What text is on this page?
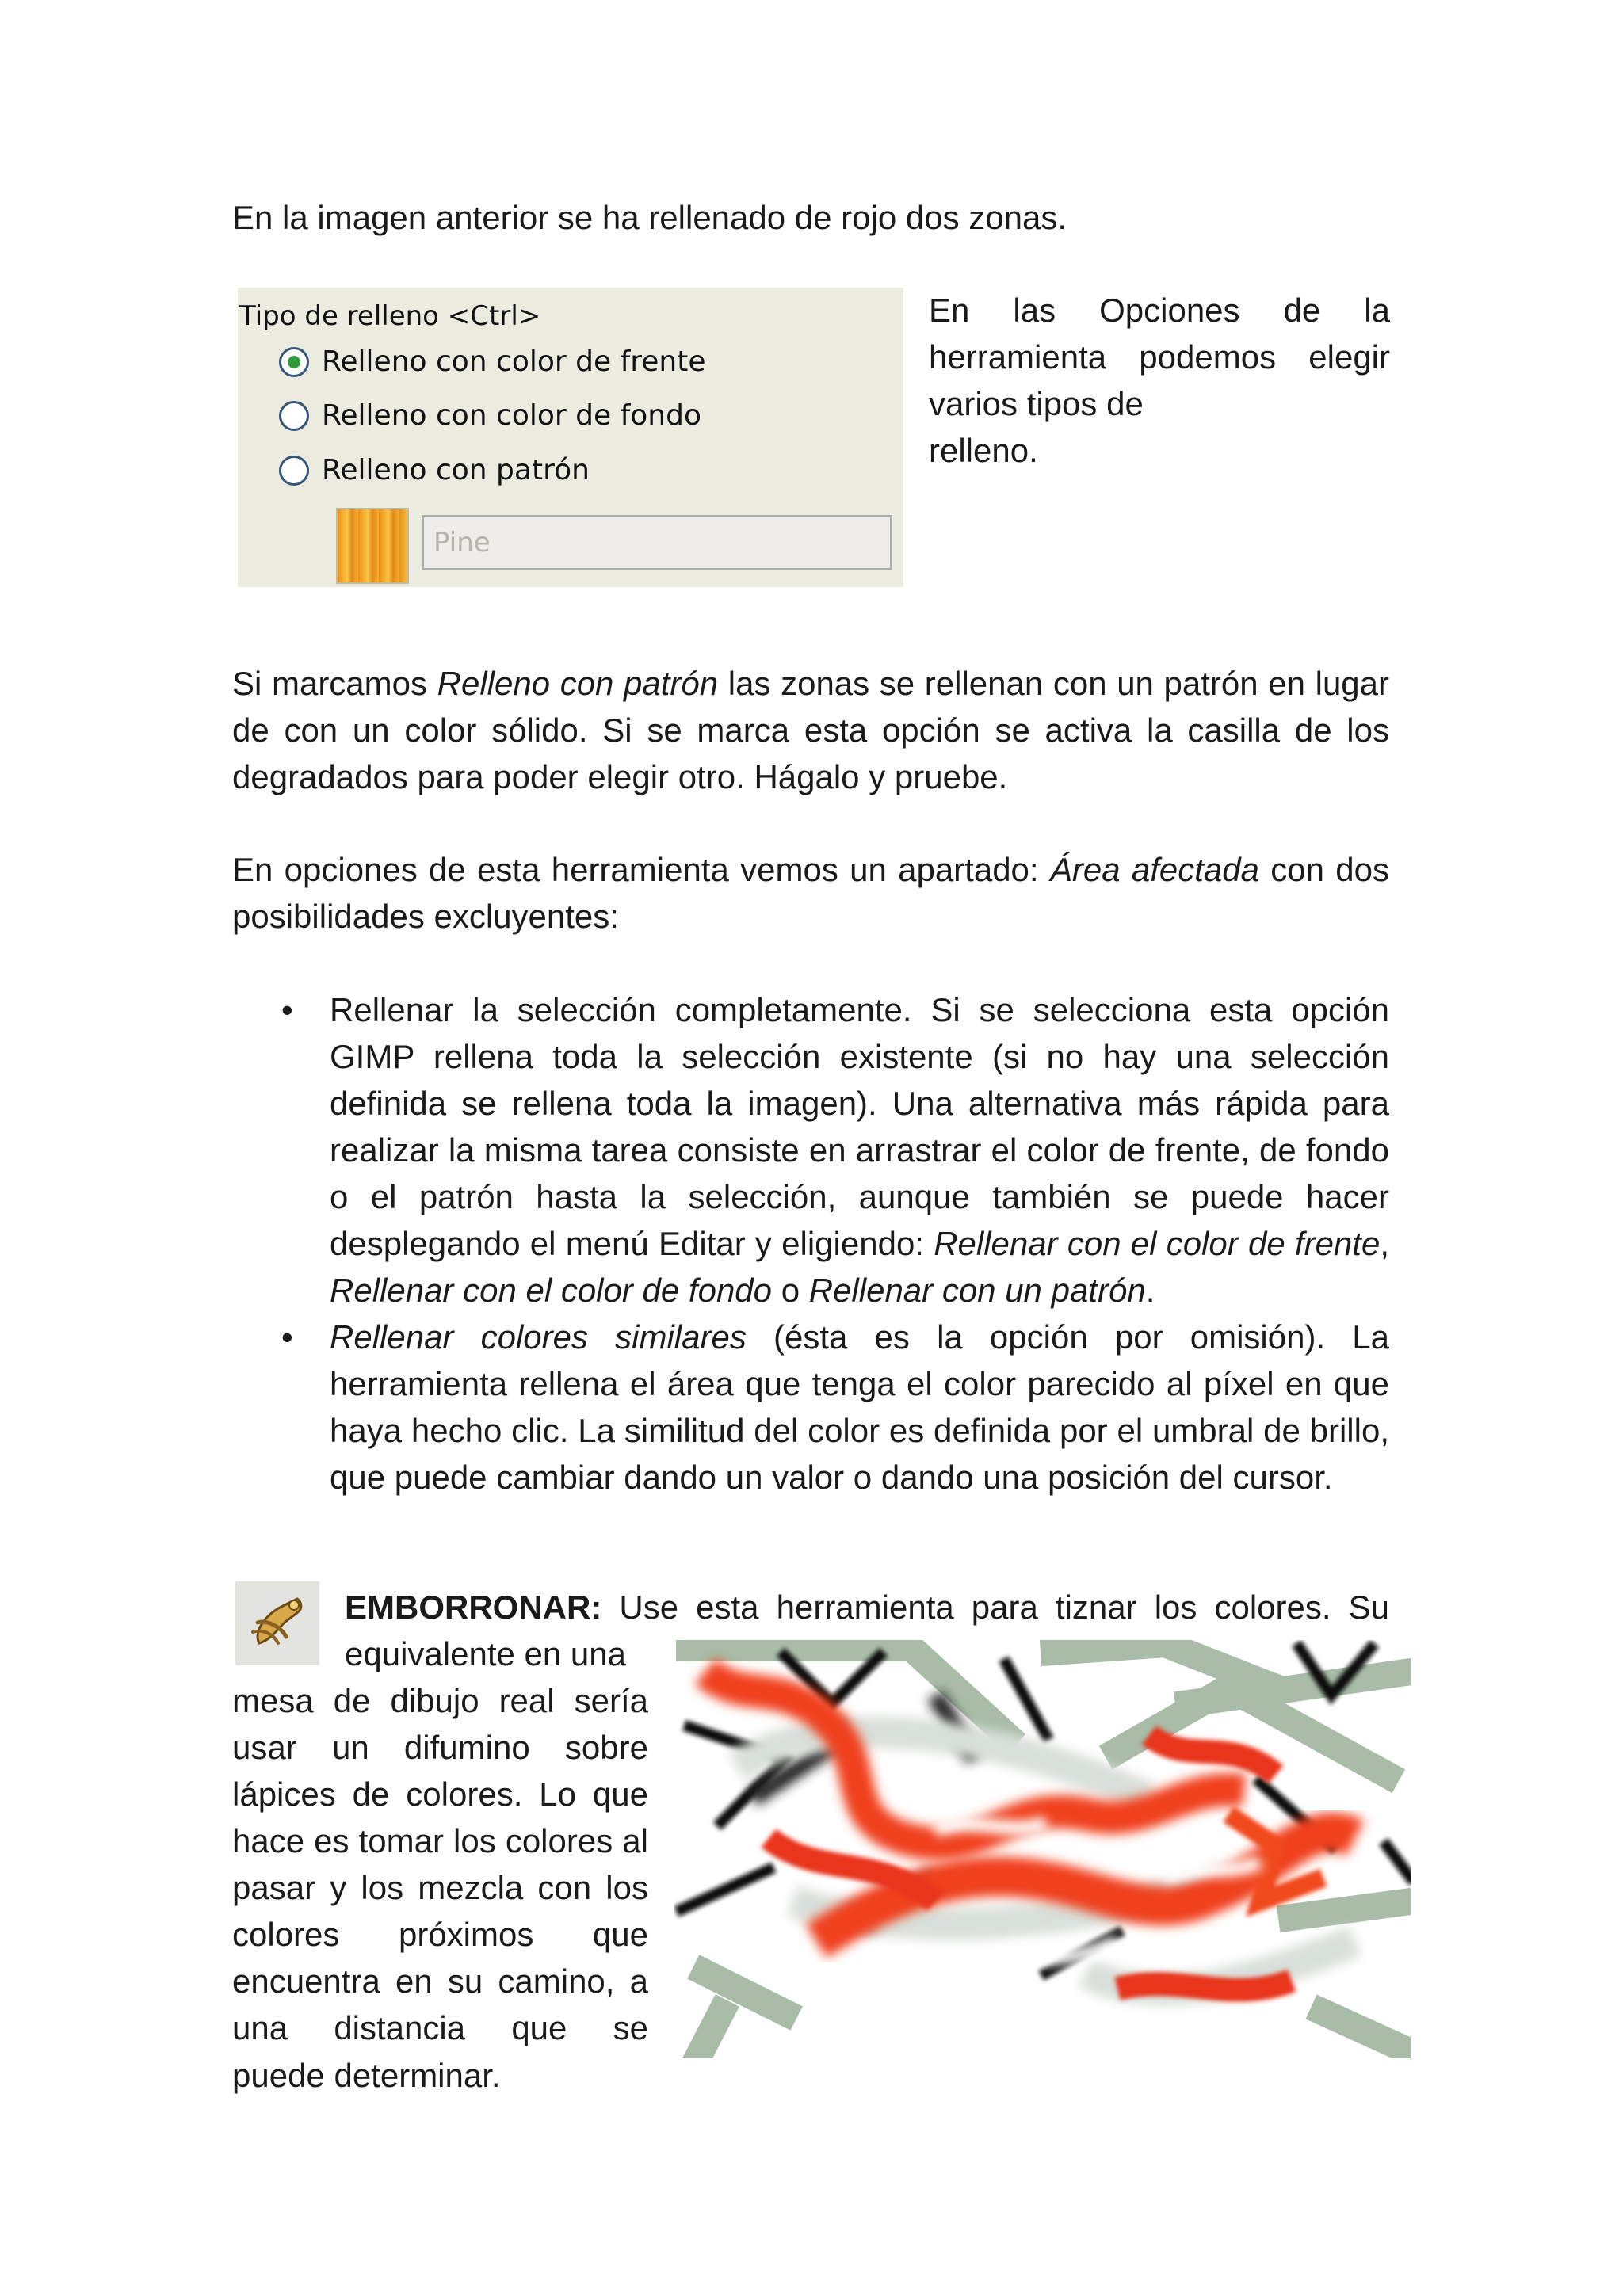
En la imagen anterior se ha rellenado de rojo dos zonas.
Tipo de relleno <Ctrl>
Relleno con color de frente
Relleno con color de fondo
Relleno con patrón
Pine
En las Opciones de la
herramienta podemos elegir
varios tipos de
relleno.
Si marcamos Relleno con patrón las zonas se rellenan con un patrón en lugar de con un color sólido. Si se marca esta opción se activa la casilla de los degradados para poder elegir otro. Hágalo y pruebe.
En opciones de esta herramienta vemos un apartado: Área afectada con dos posibilidades excluyentes:
• Rellenar la selección completamente. Si se selecciona esta opción GIMP rellena toda la selección existente (si no hay una selección definida se rellena toda la imagen). Una alternativa más rápida para realizar la misma tarea consiste en arrastrar el color de frente, de fondo o el patrón hasta la selección, aunque también se puede hacer desplegando el menú Editar y eligiendo: Rellenar con el color de frente, Rellenar con el color de fondo o Rellenar con un patrón.
• Rellenar colores similares (ésta es la opción por omisión). La herramienta rellena el área que tenga el color parecido al píxel en que haya hecho clic. La similitud del color es definida por el umbral de brillo, que puede cambiar dando un valor o dando una posición del cursor.
EMBORRONAR: Use esta herramienta para tiznar los colores. Su
equivalente en una
mesa de dibujo real sería usar un difumino sobre lápices de colores. Lo que hace es tomar los colores al pasar y los mezcla con los colores próximos que encuentra en su camino, a una distancia que se
puede determinar.
